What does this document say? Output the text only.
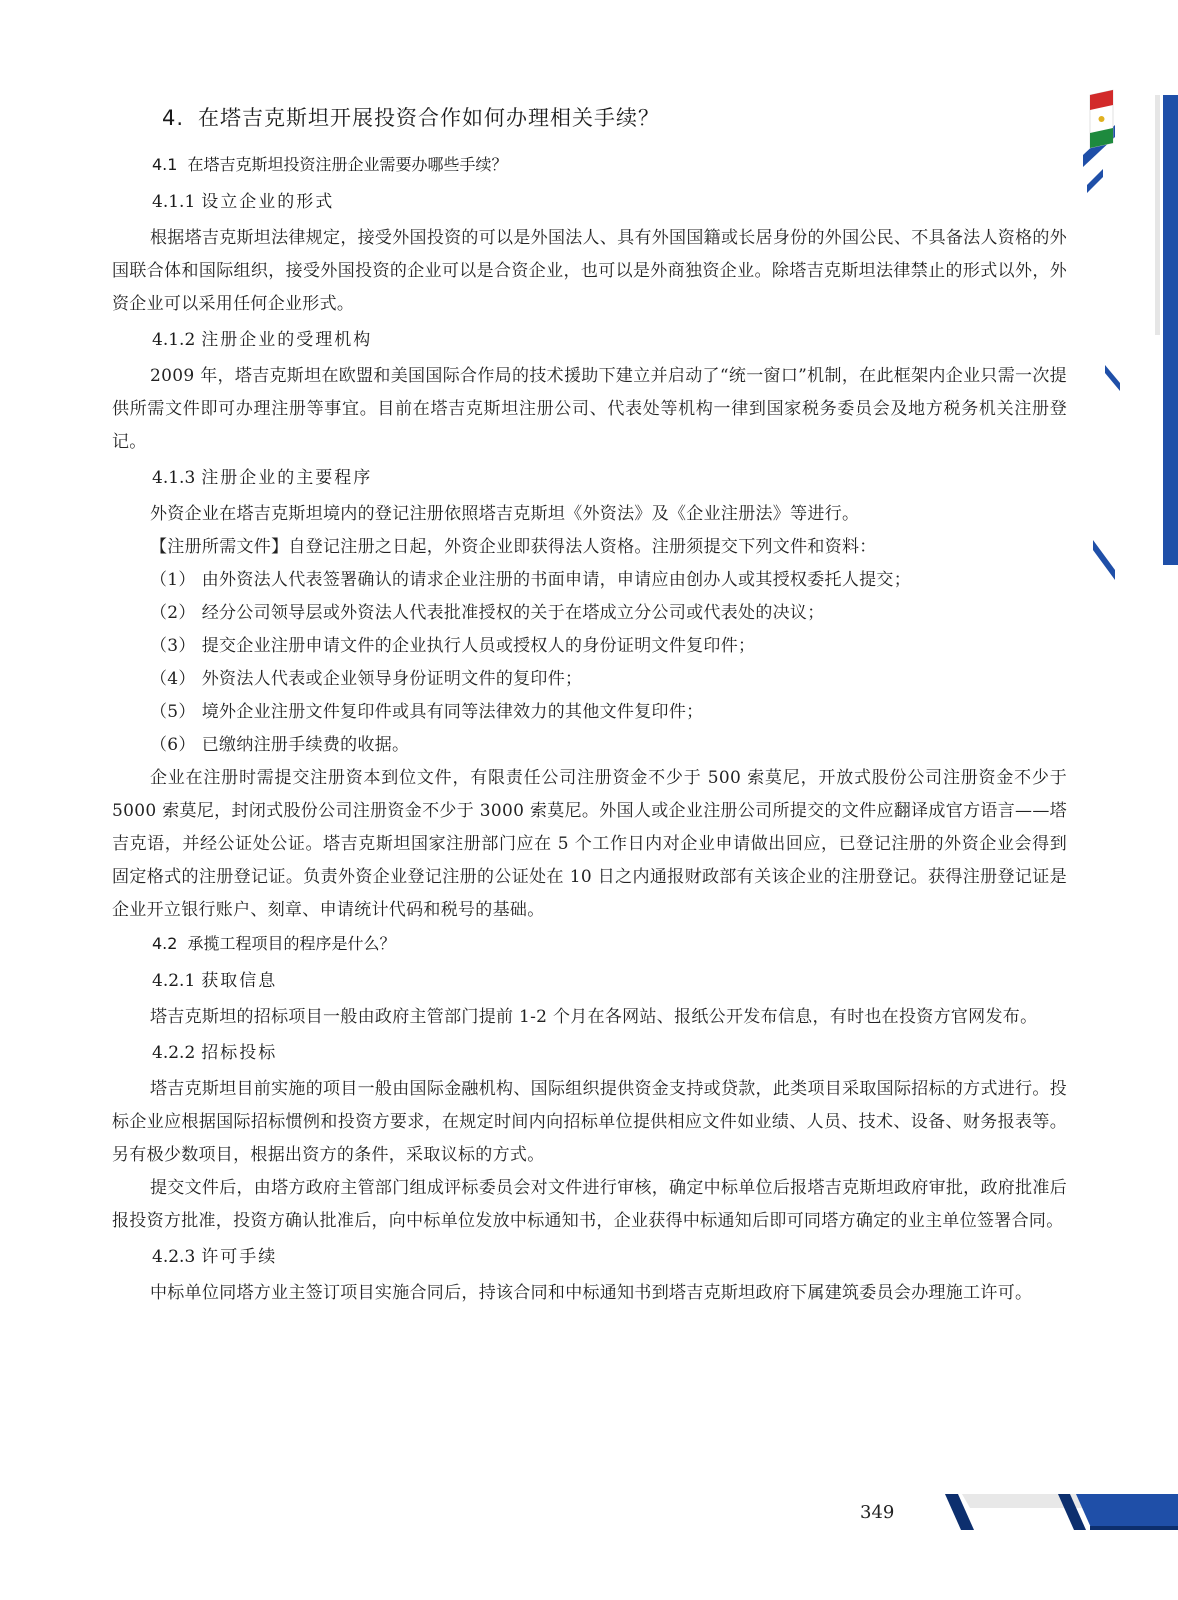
4. 在塔吉克斯坦开展投资合作如何办理相关手续？
4.1 在塔吉克斯坦投资注册企业需要办哪些手续？
4.1.1 设立企业的形式

根据塔吉克斯坦法律规定，接受外国投资的可以是外国法人、具有外国国籍或长居身份的外国公民、不具备法人资格的外国联合体和国际组织，接受外国投资的企业可以是合资企业，也可以是外商独资企业。除塔吉克斯坦法律禁止的形式以外，外资企业可以采用任何企业形式。

4.1.2 注册企业的受理机构

2009 年，塔吉克斯坦在欧盟和美国国际合作局的技术援助下建立并启动了“统一窗口”机制，在此框架内企业只需一次提供所需文件即可办理注册等事宜。目前在塔吉克斯坦注册公司、代表处等机构一律到国家税务委员会及地方税务机关注册登记。

4.1.3 注册企业的主要程序

外资企业在塔吉克斯坦境内的登记注册依照塔吉克斯坦《外资法》及《企业注册法》等进行。

【注册所需文件】自登记注册之日起，外资企业即获得法人资格。注册须提交下列文件和资料：

（1） 由外资法人代表签署确认的请求企业注册的书面申请，申请应由创办人或其授权委托人提交；
（2） 经分公司领导层或外资法人代表批准授权的关于在塔成立分公司或代表处的决议；
（3） 提交企业注册申请文件的企业执行人员或授权人的身份证明文件复印件；
（4） 外资法人代表或企业领导身份证明文件的复印件；
（5） 境外企业注册文件复印件或具有同等法律效力的其他文件复印件；
（6） 已缴纳注册手续费的收据。

企业在注册时需提交注册资本到位文件，有限责任公司注册资金不少于 500 索莫尼，开放式股份公司注册资金不少于 5000 索莫尼，封闭式股份公司注册资金不少于 3000 索莫尼。外国人或企业注册公司所提交的文件应翻译成官方语言——塔吉克语，并经公证处公证。塔吉克斯坦国家注册部门应在 5 个工作日内对企业申请做出回应，已登记注册的外资企业会得到固定格式的注册登记证。负责外资企业登记注册的公证处在 10 日之内通报财政部有关该企业的注册登记。获得注册登记证是企业开立银行账户、刻章、申请统计代码和税号的基础。

4.2 承揽工程项目的程序是什么？
4.2.1 获取信息

塔吉克斯坦的招标项目一般由政府主管部门提前 1-2 个月在各网站、报纸公开发布信息，有时也在投资方官网发布。

4.2.2 招标投标

塔吉克斯坦目前实施的项目一般由国际金融机构、国际组织提供资金支持或贷款，此类项目采取国际招标的方式进行。投标企业应根据国际招标惯例和投资方要求，在规定时间内向招标单位提供相应文件如业绩、人员、技术、设备、财务报表等。另有极少数项目，根据出资方的条件，采取议标的方式。

提交文件后，由塔方政府主管部门组成评标委员会对文件进行审核，确定中标单位后报塔吉克斯坦政府审批，政府批准后报投资方批准，投资方确认批准后，向中标单位发放中标通知书，企业获得中标通知后即可同塔方确定的业主单位签署合同。

4.2.3 许可手续

中标单位同塔方业主签订项目实施合同后，持该合同和中标通知书到塔吉克斯坦政府下属建筑委员会办理施工许可。

349
